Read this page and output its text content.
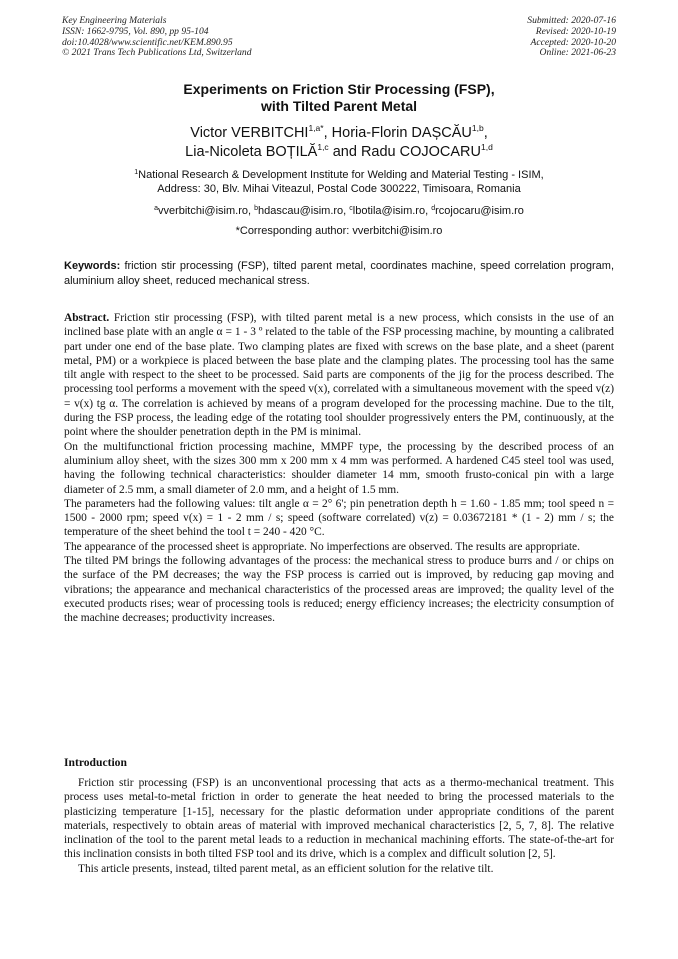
Key Engineering Materials
ISSN: 1662-9795, Vol. 890, pp 95-104
doi:10.4028/www.scientific.net/KEM.890.95
© 2021 Trans Tech Publications Ltd, Switzerland
Submitted: 2020-07-16
Revised: 2020-10-19
Accepted: 2020-10-20
Online: 2021-06-23
Experiments on Friction Stir Processing (FSP),
with Tilted Parent Metal
Victor $VERBITCHI^{1,a*}$, Horia-Florin DAȘCĂU$^{1,b}$,
Lia-Nicoleta BOȚILĂ$^{1,c}$ and Radu COJOCARU$^{1,d}$
$^1$National Research & Development Institute for Welding and Material Testing - ISIM,
Address: 30, Blv. Mihai Viteazul, Postal Code 300222, Timisoara, Romania
$^a$vverbitchi@isim.ro, $^b$hdascau@isim.ro, $^c$lbotila@isim.ro, $^d$rcojocaru@isim.ro
*Corresponding author: vverbitchi@isim.ro
Keywords: friction stir processing (FSP), tilted parent metal, coordinates machine, speed correlation program, aluminium alloy sheet, reduced mechanical stress.

Abstract. Friction stir processing (FSP), with tilted parent metal is a new process, which consists in the use of an inclined base plate with an angle α = 1 - 3 º related to the table of the FSP processing machine, by mounting a calibrated part under one end of the base plate. Two clamping plates are fixed with screws on the base plate, and a sheet (parent metal, PM) or a workpiece is placed between the base plate and the clamping plates. The processing tool has the same tilt angle with respect to the sheet to be processed. Said parts are components of the jig for the process described. The processing tool performs a movement with the speed v(x), correlated with a simultaneous movement with the speed v(z) = v(x) tg α. The correlation is achieved by means of a program developed for the processing machine. Due to the tilt, during the FSP process, the leading edge of the rotating tool shoulder progressively enters the PM, continuously, at the point where the shoulder penetration depth in the PM is minimal.

On the multifunctional friction processing machine, MMPF type, the processing by the described process of an aluminium alloy sheet, with the sizes 300 mm x 200 mm x 4 mm was performed. A hardened C45 steel tool was used, having the following technical characteristics: shoulder diameter 14 mm, smooth frusto-conical pin with a large diameter of 2.5 mm, a small diameter of 2.0 mm, and a height of 1.5 mm.

The parameters had the following values: tilt angle α = 2° 6'; pin penetration depth h = 1.60 - 1.85 mm; tool speed n = 1500 - 2000 rpm; speed v(x) = 1 - 2 mm / s; speed (software correlated) v(z) = 0.03672181 * (1 - 2) mm / s; the temperature of the sheet behind the tool t = 240 - 420 °C.

The appearance of the processed sheet is appropriate. No imperfections are observed. The results are appropriate.

The tilted PM brings the following advantages of the process: the mechanical stress to produce burrs and / or chips on the surface of the PM decreases; the way the FSP process is carried out is improved, by reducing gap moving and vibrations; the appearance and mechanical characteristics of the processed areas are improved; the quality level of the executed products rises; wear of processing tools is reduced; energy efficiency increases; the electricity consumption of the machine decreases; productivity increases.

Introduction

Friction stir processing (FSP) is an unconventional processing that acts as a thermo-mechanical treatment. This process uses metal-to-metal friction in order to generate the heat needed to bring the processed materials to the plasticizing temperature [1-15], necessary for the plastic deformation under appropriate conditions of the parent materials, respectively to obtain areas of material with improved mechanical characteristics [2, 5, 7, 8]. The relative inclination of the tool to the parent metal leads to a reduction in mechanical machining efforts. The state-of-the-art for this inclination consists in both tilted FSP tool and its drive, which is a complex and difficult solution [2, 5].

This article presents, instead, tilted parent metal, as an efficient solution for the relative tilt.
